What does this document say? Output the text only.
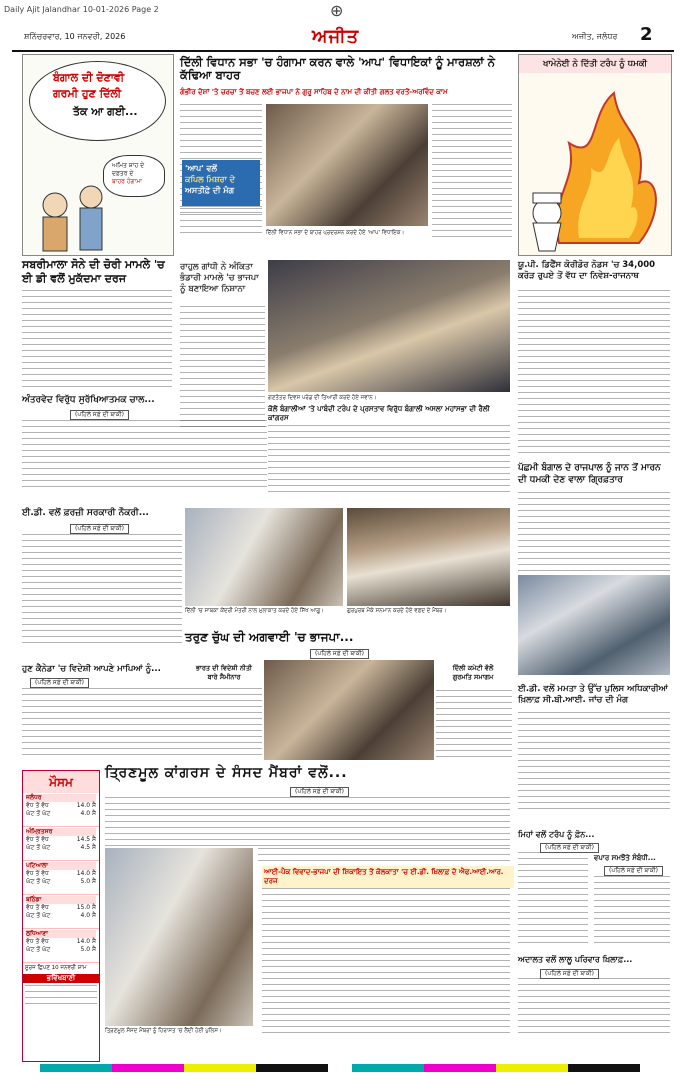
Daily Ajit Jalandhar 10-01-2026 Page 2	⊕
ਸ਼ਨਿੱਚਰਵਾਰ, 10 ਜਨਵਰੀ, 2026	ਅਜੀਤ	ਅਜੀਤ, ਜਲੰਧਰ 2
ਬੰਗਾਲ ਦੀ ਦੋਣਾਵੀ
ਗਰਮੀ ਹੁਣ ਦਿੱਲੀ
ਤੱਕ ਆ ਗਈ...
ਅਮਿਤ ਸ਼ਾਹ ਦੇ
ਦਫ਼ਤਰ ਦੇ
ਬਾਹਰ ਹੰਗਾਮਾ
ਦਿੱਲੀ ਵਿਧਾਨ ਸਭਾ 'ਚ ਹੰਗਾਮਾ ਕਰਨ ਵਾਲੇ 'ਆਪ' ਵਿਧਾਇਕਾਂ ਨੂੰ ਮਾਰਸ਼ਲਾਂ ਨੇ ਕੱਢਿਆ ਬਾਹਰ
ਗੰਭੀਰ ਦੋਸ਼ਾਂ 'ਤੇ ਚਰਚਾ ਤੋਂ ਬਚਣ ਲਈ ਭਾਜਪਾ ਨੇ ਗੁਰੂ ਸਾਹਿਬ ਦੇ ਨਾਮ ਦੀ ਕੀਤੀ ਗਲਤ ਵਰਤੋਂ-ਅਰਵਿੰਦ ਕਾਮ
'ਆਪ' ਵਲੋਂ
ਕਪਿਲ ਮਿਸ਼ਰਾ ਦੇ
ਅਸਤੀਫ਼ੇ ਦੀ ਮੰਗ
ਦਿੱਲੀ ਵਿਧਾਨ ਸਭਾ ਦੇ ਬਾਹਰ ਪ੍ਰਦਰਸ਼ਨ ਕਰਦੇ ਹੋਏ 'ਆਪ' ਵਿਧਾਇਕ।
ਖਾਮੇਨੇਈ ਨੇ ਦਿੱਤੀ ਟਰੰਪ ਨੂੰ ਧਮਕੀ
ਸਬਰੀਮਾਲਾ ਸੋਨੇ ਦੀ ਚੋਰੀ ਮਾਮਲੇ 'ਚ ਈ ਡੀ ਵਲੋਂ ਮੁਕੱਦਮਾ ਦਰਜ
ਰਾਹੁਲ ਗਾਂਧੀ ਨੇ ਅੰਕਿਤਾ ਭੰਡਾਰੀ ਮਾਮਲੇ 'ਚ ਭਾਜਪਾ ਨੂੰ ਬਣਾਇਆ ਨਿਸ਼ਾਨਾ
ਗਣਤੰਤਰ ਦਿਵਸ ਪਰੇਡ ਦੀ ਤਿਆਰੀ ਕਰਦੇ ਹੋਏ ਜਵਾਨ।
ਯੂ.ਪੀ. ਡਿਫੈਂਸ ਕੋਰੀਡੋਰ ਨੋਡਸ 'ਚ 34,000 ਕਰੋੜ ਰੁਪਏ ਤੋਂ ਵੱਧ ਦਾ ਨਿਵੇਸ਼-ਰਾਜਨਾਥ
ਅੰਤਰਵੇਦ ਵਿਰੁੱਧ ਸੁਰੱਖਿਆਤਮਕ ਚਾਲ...
(ਪਹਿਲੇ ਸਫ਼ੇ ਦੀ ਬਾਕੀ)
ਕੋਲੋਂ ਬੰਗਾਲੀਆਂ 'ਤੇ ਪਾਬੰਦੀ ਟਰੰਪ ਦੇ ਪ੍ਰਸਤਾਵ ਵਿਰੁੱਧ ਬੰਗਾਲੀ ਅਸਲਾ ਮਹਾਂਸਭਾ ਦੀ ਰੈਲੀ ਕਾਂਗਰਸ
ਪੱਛਮੀ ਬੰਗਾਲ ਦੇ ਰਾਜਪਾਲ ਨੂੰ ਜਾਨ ਤੋਂ ਮਾਰਨ ਦੀ ਧਮਕੀ ਦੇਣ ਵਾਲਾ ਗ੍ਰਿਫ਼ਤਾਰ
ਈ.ਡੀ. ਵਲੋਂ ਫ਼ਰਜ਼ੀ ਸਰਕਾਰੀ ਨੌਕਰੀ...
(ਪਹਿਲੇ ਸਫ਼ੇ ਦੀ ਬਾਕੀ)
ਦਿੱਲੀ 'ਚ ਸਾਬਕਾ ਕੇਂਦਰੀ ਮੰਤਰੀ ਨਾਲ ਮੁਲਾਕਾਤ ਕਰਦੇ ਹੋਏ ਸਿੱਖ ਆਗੂ।	ਗੁਰਪੁਰਬ ਮੌਕੇ ਸਨਮਾਨ ਕਰਦੇ ਹੋਏ ਵਫ਼ਦ ਦੇ ਮੈਂਬਰ।
ਤਰੁਣ ਚੁੱਘ ਦੀ ਅਗਵਾਈ 'ਚ ਭਾਜਪਾ...
(ਪਹਿਲੇ ਸਫ਼ੇ ਦੀ ਬਾਕੀ)
ਹੁਣ ਕੈਨੇਡਾ 'ਚ ਵਿਦੇਸ਼ੀ ਆਪਣੇ ਮਾਪਿਆਂ ਨੂੰ...
(ਪਹਿਲੇ ਸਫ਼ੇ ਦੀ ਬਾਕੀ)
ਭਾਰਤ ਦੀ ਵਿਦੇਸ਼ੀ ਨੀਤੀ
ਬਾਰੇ ਸੈਮੀਨਾਰ
ਦਿੱਲੀ ਕਮੇਟੀ ਵੱਲੋਂ
ਗੁਰਮਤਿ ਸਮਾਗਮ
ਈ.ਡੀ. ਵਲੋਂ ਮਮਤਾ ਤੇ ਉੱਚ ਪੁਲਿਸ ਅਧਿਕਾਰੀਆਂ ਖ਼ਿਲਾਫ਼ ਸੀ.ਬੀ.ਆਈ. ਜਾਂਚ ਦੀ ਮੰਗ
ਮੌਸਮ
ਜਲੰਧਰ
ਵੱਧ ਤੋਂ ਵੱਧ	14.0 ਸੈ
ਘੱਟ ਤੋਂ ਘੱਟ	4.0 ਸੈ
ਅੰਮ੍ਰਿਤਸਰ
ਵੱਧ ਤੋਂ ਵੱਧ	14.5 ਸੈ
ਘੱਟ ਤੋਂ ਘੱਟ	4.5 ਸੈ
ਪਟਿਆਲਾ
ਵੱਧ ਤੋਂ ਵੱਧ	14.0 ਸੈ
ਘੱਟ ਤੋਂ ਘੱਟ	5.0 ਸੈ
ਬਠਿੰਡਾ
ਵੱਧ ਤੋਂ ਵੱਧ	15.0 ਸੈ
ਘੱਟ ਤੋਂ ਘੱਟ	4.0 ਸੈ
ਲੁਧਿਆਣਾ
ਵੱਧ ਤੋਂ ਵੱਧ	14.0 ਸੈ
ਘੱਟ ਤੋਂ ਘੱਟ	5.0 ਸੈ
ਸੂਰਜ ਛਿਪਣ 10 ਜਨਵਰੀ ਸ਼ਾਮ
ਭਵਿੱਖਬਾਣੀ
ਤ੍ਰਿਣਮੂਲ ਕਾਂਗਰਸ ਦੇ ਸੰਸਦ ਮੈਂਬਰਾਂ ਵਲੋਂ...
(ਪਹਿਲੇ ਸਫ਼ੇ ਦੀ ਬਾਕੀ)
ਤ੍ਰਿਣਮੂਲ ਸੰਸਦ ਮੈਂਬਰਾਂ ਨੂੰ ਹਿਰਾਸਤ 'ਚ ਲੈਂਦੀ ਹੋਈ ਪੁਲਿਸ।
ਆਈ-ਪੈਕ ਵਿਵਾਦ-ਭਾਜਪਾ ਦੀ ਸ਼ਿਕਾਇਤ ਤੋਂ ਕੋਲਕਾਤਾ 'ਚ ਈ.ਡੀ. ਖ਼ਿਲਾਫ਼ ਦੋ ਐਫ.ਆਈ.ਆਰ. ਦਰਜ
ਮਿਹਾਂ ਵਲੋਂ ਟਰੰਪ ਨੂੰ ਫ਼ੋਨ...
(ਪਹਿਲੇ ਸਫ਼ੇ ਦੀ ਬਾਕੀ)
ਵਪਾਰ ਸਮਝੌਤੇ ਸੰਬੰਧੀ...
(ਪਹਿਲੇ ਸਫ਼ੇ ਦੀ ਬਾਕੀ)
ਅਦਾਲਤ ਵਲੋਂ ਲਾਲੂ ਪਰਿਵਾਰ ਖ਼ਿਲਾਫ਼...
(ਪਹਿਲੇ ਸਫ਼ੇ ਦੀ ਬਾਕੀ)
